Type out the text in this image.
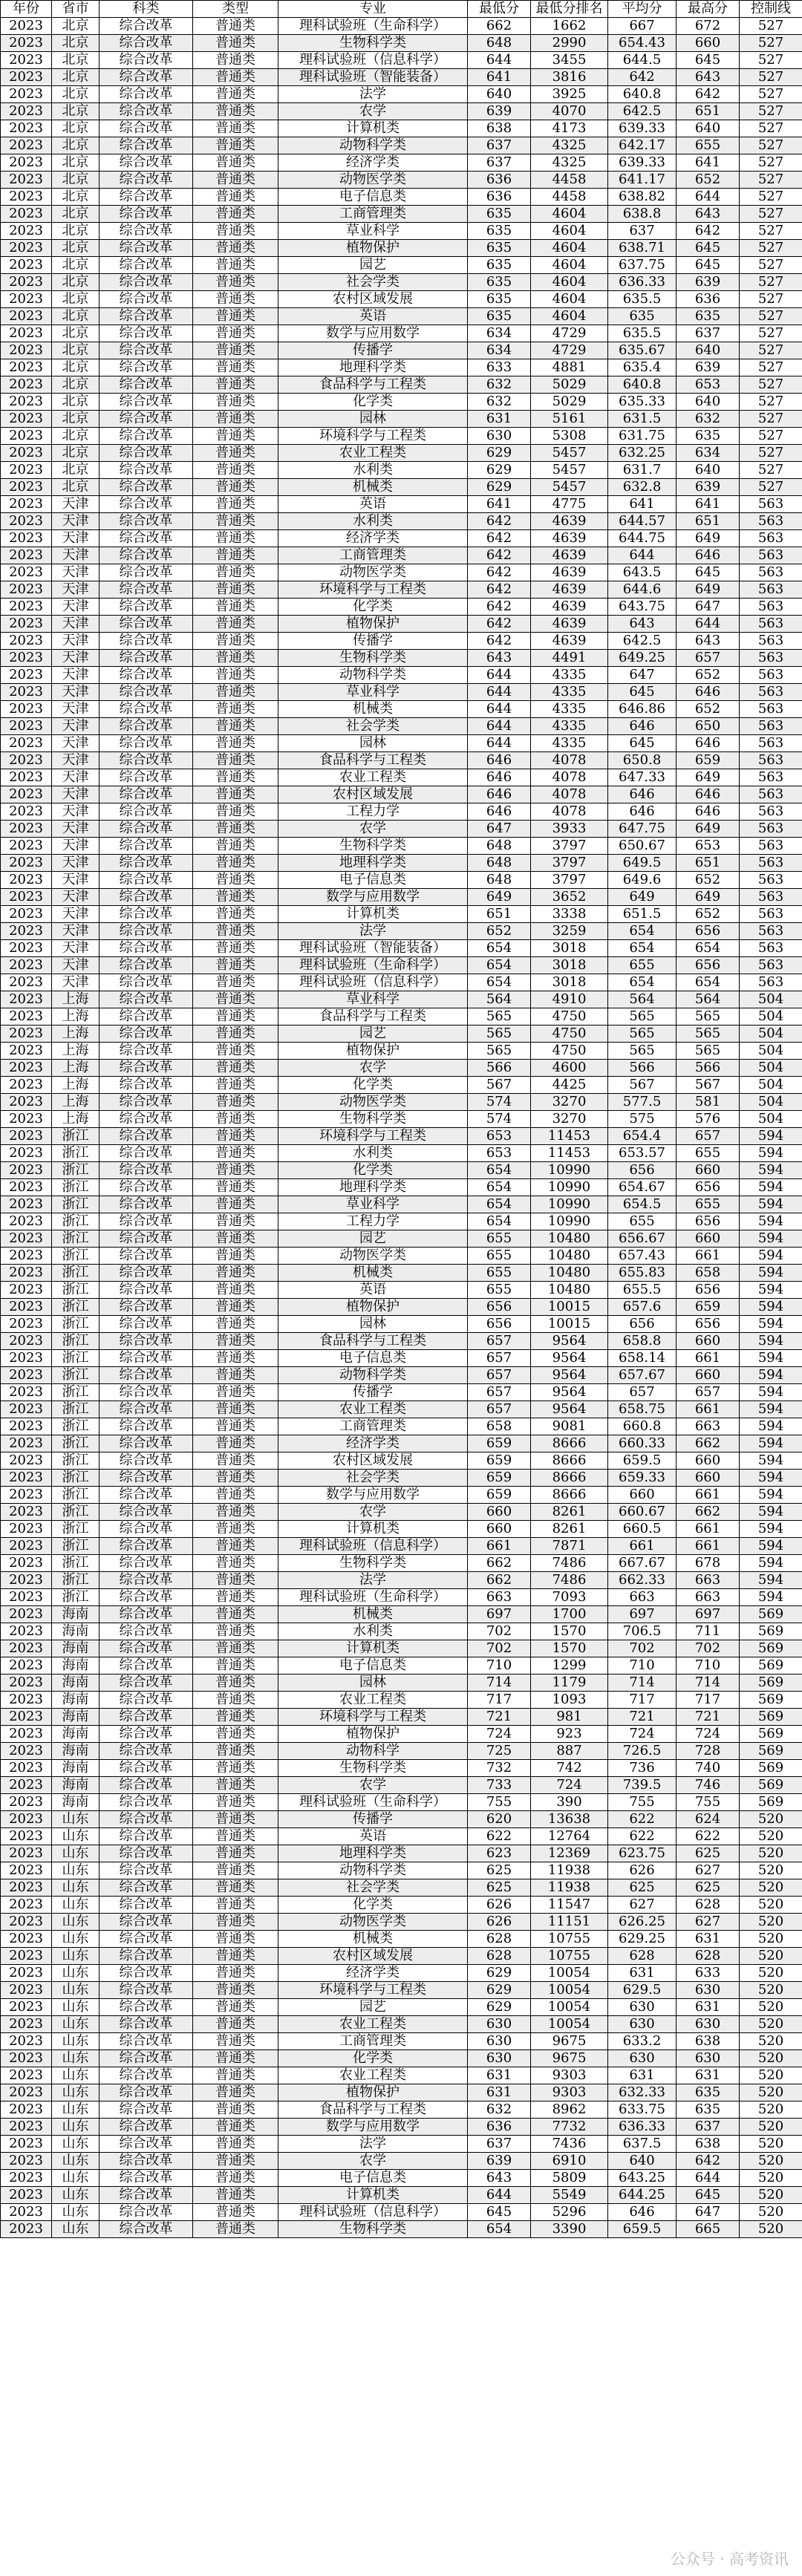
年份	省市	科类	类型	专业	最低分	最低分排名	平均分	最高分	控制线
2023	北京	综合改革	普通类	理科试验班（生命科学）	662	1662	667	672	527
2023	北京	综合改革	普通类	生物科学类	648	2990	654.43	660	527
2023	北京	综合改革	普通类	理科试验班（信息科学）	644	3455	644.5	645	527
2023	北京	综合改革	普通类	理科试验班（智能装备）	641	3816	642	643	527
2023	北京	综合改革	普通类	法学	640	3925	640.8	642	527
2023	北京	综合改革	普通类	农学	639	4070	642.5	651	527
2023	北京	综合改革	普通类	计算机类	638	4173	639.33	640	527
2023	北京	综合改革	普通类	动物科学类	637	4325	642.17	655	527
2023	北京	综合改革	普通类	经济学类	637	4325	639.33	641	527
2023	北京	综合改革	普通类	动物医学类	636	4458	641.17	652	527
2023	北京	综合改革	普通类	电子信息类	636	4458	638.82	644	527
2023	北京	综合改革	普通类	工商管理类	635	4604	638.8	643	527
2023	北京	综合改革	普通类	草业科学	635	4604	637	642	527
2023	北京	综合改革	普通类	植物保护	635	4604	638.71	645	527
2023	北京	综合改革	普通类	园艺	635	4604	637.75	645	527
2023	北京	综合改革	普通类	社会学类	635	4604	636.33	639	527
2023	北京	综合改革	普通类	农村区域发展	635	4604	635.5	636	527
2023	北京	综合改革	普通类	英语	635	4604	635	635	527
2023	北京	综合改革	普通类	数学与应用数学	634	4729	635.5	637	527
2023	北京	综合改革	普通类	传播学	634	4729	635.67	640	527
2023	北京	综合改革	普通类	地理科学类	633	4881	635.4	639	527
2023	北京	综合改革	普通类	食品科学与工程类	632	5029	640.8	653	527
2023	北京	综合改革	普通类	化学类	632	5029	635.33	640	527
2023	北京	综合改革	普通类	园林	631	5161	631.5	632	527
2023	北京	综合改革	普通类	环境科学与工程类	630	5308	631.75	635	527
2023	北京	综合改革	普通类	农业工程类	629	5457	632.25	634	527
2023	北京	综合改革	普通类	水利类	629	5457	631.7	640	527
2023	北京	综合改革	普通类	机械类	629	5457	632.8	639	527
2023	天津	综合改革	普通类	英语	641	4775	641	641	563
2023	天津	综合改革	普通类	水利类	642	4639	644.57	651	563
2023	天津	综合改革	普通类	经济学类	642	4639	644.75	649	563
2023	天津	综合改革	普通类	工商管理类	642	4639	644	646	563
2023	天津	综合改革	普通类	动物医学类	642	4639	643.5	645	563
2023	天津	综合改革	普通类	环境科学与工程类	642	4639	644.6	649	563
2023	天津	综合改革	普通类	化学类	642	4639	643.75	647	563
2023	天津	综合改革	普通类	植物保护	642	4639	643	644	563
2023	天津	综合改革	普通类	传播学	642	4639	642.5	643	563
2023	天津	综合改革	普通类	生物科学类	643	4491	649.25	657	563
2023	天津	综合改革	普通类	动物科学类	644	4335	647	652	563
2023	天津	综合改革	普通类	草业科学	644	4335	645	646	563
2023	天津	综合改革	普通类	机械类	644	4335	646.86	652	563
2023	天津	综合改革	普通类	社会学类	644	4335	646	650	563
2023	天津	综合改革	普通类	园林	644	4335	645	646	563
2023	天津	综合改革	普通类	食品科学与工程类	646	4078	650.8	659	563
2023	天津	综合改革	普通类	农业工程类	646	4078	647.33	649	563
2023	天津	综合改革	普通类	农村区域发展	646	4078	646	646	563
2023	天津	综合改革	普通类	工程力学	646	4078	646	646	563
2023	天津	综合改革	普通类	农学	647	3933	647.75	649	563
2023	天津	综合改革	普通类	生物科学类	648	3797	650.67	653	563
2023	天津	综合改革	普通类	地理科学类	648	3797	649.5	651	563
2023	天津	综合改革	普通类	电子信息类	648	3797	649.6	652	563
2023	天津	综合改革	普通类	数学与应用数学	649	3652	649	649	563
2023	天津	综合改革	普通类	计算机类	651	3338	651.5	652	563
2023	天津	综合改革	普通类	法学	652	3259	654	656	563
2023	天津	综合改革	普通类	理科试验班（智能装备）	654	3018	654	654	563
2023	天津	综合改革	普通类	理科试验班（生命科学）	654	3018	655	656	563
2023	天津	综合改革	普通类	理科试验班（信息科学）	654	3018	654	654	563
2023	上海	综合改革	普通类	草业科学	564	4910	564	564	504
2023	上海	综合改革	普通类	食品科学与工程类	565	4750	565	565	504
2023	上海	综合改革	普通类	园艺	565	4750	565	565	504
2023	上海	综合改革	普通类	植物保护	565	4750	565	565	504
2023	上海	综合改革	普通类	农学	566	4600	566	566	504
2023	上海	综合改革	普通类	化学类	567	4425	567	567	504
2023	上海	综合改革	普通类	动物医学类	574	3270	577.5	581	504
2023	上海	综合改革	普通类	生物科学类	574	3270	575	576	504
2023	浙江	综合改革	普通类	环境科学与工程类	653	11453	654.4	657	594
2023	浙江	综合改革	普通类	水利类	653	11453	653.57	655	594
2023	浙江	综合改革	普通类	化学类	654	10990	656	660	594
2023	浙江	综合改革	普通类	地理科学类	654	10990	654.67	656	594
2023	浙江	综合改革	普通类	草业科学	654	10990	654.5	655	594
2023	浙江	综合改革	普通类	工程力学	654	10990	655	656	594
2023	浙江	综合改革	普通类	园艺	655	10480	656.67	660	594
2023	浙江	综合改革	普通类	动物医学类	655	10480	657.43	661	594
2023	浙江	综合改革	普通类	机械类	655	10480	655.83	658	594
2023	浙江	综合改革	普通类	英语	655	10480	655.5	656	594
2023	浙江	综合改革	普通类	植物保护	656	10015	657.6	659	594
2023	浙江	综合改革	普通类	园林	656	10015	656	656	594
2023	浙江	综合改革	普通类	食品科学与工程类	657	9564	658.8	660	594
2023	浙江	综合改革	普通类	电子信息类	657	9564	658.14	661	594
2023	浙江	综合改革	普通类	动物科学类	657	9564	657.67	660	594
2023	浙江	综合改革	普通类	传播学	657	9564	657	657	594
2023	浙江	综合改革	普通类	农业工程类	657	9564	658.75	661	594
2023	浙江	综合改革	普通类	工商管理类	658	9081	660.8	663	594
2023	浙江	综合改革	普通类	经济学类	659	8666	660.33	662	594
2023	浙江	综合改革	普通类	农村区域发展	659	8666	659.5	660	594
2023	浙江	综合改革	普通类	社会学类	659	8666	659.33	660	594
2023	浙江	综合改革	普通类	数学与应用数学	659	8666	660	661	594
2023	浙江	综合改革	普通类	农学	660	8261	660.67	662	594
2023	浙江	综合改革	普通类	计算机类	660	8261	660.5	661	594
2023	浙江	综合改革	普通类	理科试验班（信息科学）	661	7871	661	661	594
2023	浙江	综合改革	普通类	生物科学类	662	7486	667.67	678	594
2023	浙江	综合改革	普通类	法学	662	7486	662.33	663	594
2023	浙江	综合改革	普通类	理科试验班（生命科学）	663	7093	663	663	594
2023	海南	综合改革	普通类	机械类	697	1700	697	697	569
2023	海南	综合改革	普通类	水利类	702	1570	706.5	711	569
2023	海南	综合改革	普通类	计算机类	702	1570	702	702	569
2023	海南	综合改革	普通类	电子信息类	710	1299	710	710	569
2023	海南	综合改革	普通类	园林	714	1179	714	714	569
2023	海南	综合改革	普通类	农业工程类	717	1093	717	717	569
2023	海南	综合改革	普通类	环境科学与工程类	721	981	721	721	569
2023	海南	综合改革	普通类	植物保护	724	923	724	724	569
2023	海南	综合改革	普通类	动物科学	725	887	726.5	728	569
2023	海南	综合改革	普通类	生物科学类	732	742	736	740	569
2023	海南	综合改革	普通类	农学	733	724	739.5	746	569
2023	海南	综合改革	普通类	理科试验班（生命科学）	755	390	755	755	569
2023	山东	综合改革	普通类	传播学	620	13638	622	624	520
2023	山东	综合改革	普通类	英语	622	12764	622	622	520
2023	山东	综合改革	普通类	地理科学类	623	12369	623.75	625	520
2023	山东	综合改革	普通类	动物科学类	625	11938	626	627	520
2023	山东	综合改革	普通类	社会学类	625	11938	625	625	520
2023	山东	综合改革	普通类	化学类	626	11547	627	628	520
2023	山东	综合改革	普通类	动物医学类	626	11151	626.25	627	520
2023	山东	综合改革	普通类	机械类	628	10755	629.25	631	520
2023	山东	综合改革	普通类	农村区域发展	628	10755	628	628	520
2023	山东	综合改革	普通类	经济学类	629	10054	631	633	520
2023	山东	综合改革	普通类	环境科学与工程类	629	10054	629.5	630	520
2023	山东	综合改革	普通类	园艺	629	10054	630	631	520
2023	山东	综合改革	普通类	农业工程类	630	10054	630	630	520
2023	山东	综合改革	普通类	工商管理类	630	9675	633.2	638	520
2023	山东	综合改革	普通类	化学类	630	9675	630	630	520
2023	山东	综合改革	普通类	农业工程类	631	9303	631	631	520
2023	山东	综合改革	普通类	植物保护	631	9303	632.33	635	520
2023	山东	综合改革	普通类	食品科学与工程类	632	8962	633.75	635	520
2023	山东	综合改革	普通类	数学与应用数学	636	7732	636.33	637	520
2023	山东	综合改革	普通类	法学	637	7436	637.5	638	520
2023	山东	综合改革	普通类	农学	639	6910	640	642	520
2023	山东	综合改革	普通类	电子信息类	643	5809	643.25	644	520
2023	山东	综合改革	普通类	计算机类	644	5549	644.25	645	520
2023	山东	综合改革	普通类	理科试验班（信息科学）	645	5296	646	647	520
2023	山东	综合改革	普通类	生物科学类	654	3390	659.5	665	520
公众号 · 高考资讯
